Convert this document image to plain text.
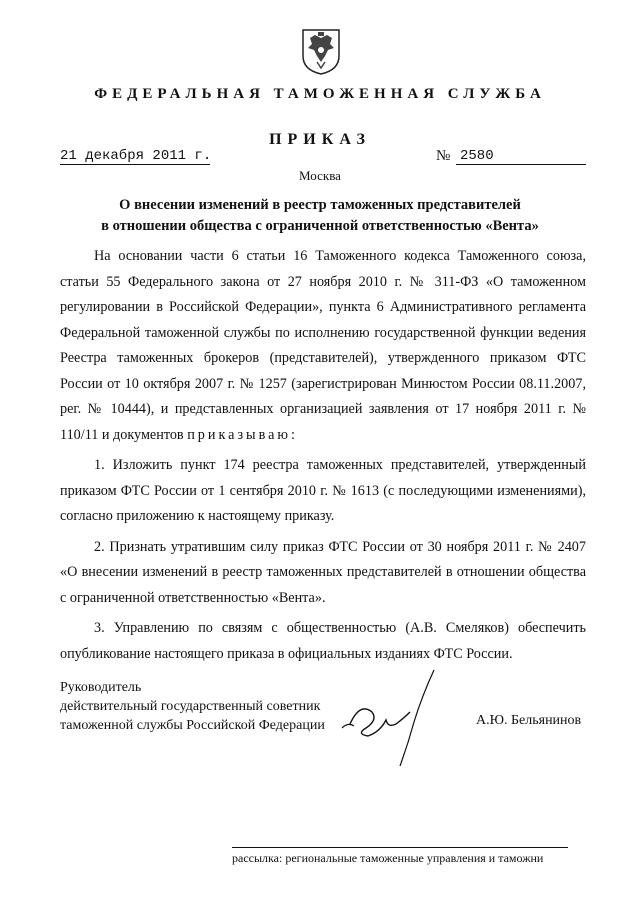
ФЕДЕРАЛЬНАЯ ТАМОЖЕННАЯ СЛУЖБА
ПРИКАЗ
21 декабря 2011 г.	№ 2580
Москва
О внесении изменений в реестр таможенных представителей
в отношении общества с ограниченной ответственностью «Вента»

На основании части 6 статьи 16 Таможенного кодекса Таможенного союза, статьи 55 Федерального закона от 27 ноября 2010 г. № 311-ФЗ «О таможенном регулировании в Российской Федерации», пункта 6 Административного регламента Федеральной таможенной службы по исполнению государственной функции ведения Реестра таможенных брокеров (представителей), утвержденного приказом ФТС России от 10 октября 2007 г. № 1257 (зарегистрирован Минюстом России 08.11.2007, рег. № 10444), и представленных организацией заявления от 17 ноября 2011 г. № 110/11 и документов приказываю:

1. Изложить пункт 174 реестра таможенных представителей, утвержденный приказом ФТС России от 1 сентября 2010 г. № 1613 (с последующими изменениями), согласно приложению к настоящему приказу.

2. Признать утратившим силу приказ ФТС России от 30 ноября 2011 г. № 2407 «О внесении изменений в реестр таможенных представителей в отношении общества с ограниченной ответственностью «Вента».

3. Управлению по связям с общественностью (А.В. Смеляков) обеспечить опубликование настоящего приказа в официальных изданиях ФТС России.

Руководитель
действительный государственный советник
таможенной службы Российской Федерации	А.Ю. Бельянинов
рассылка: региональные таможенные управления и таможни
